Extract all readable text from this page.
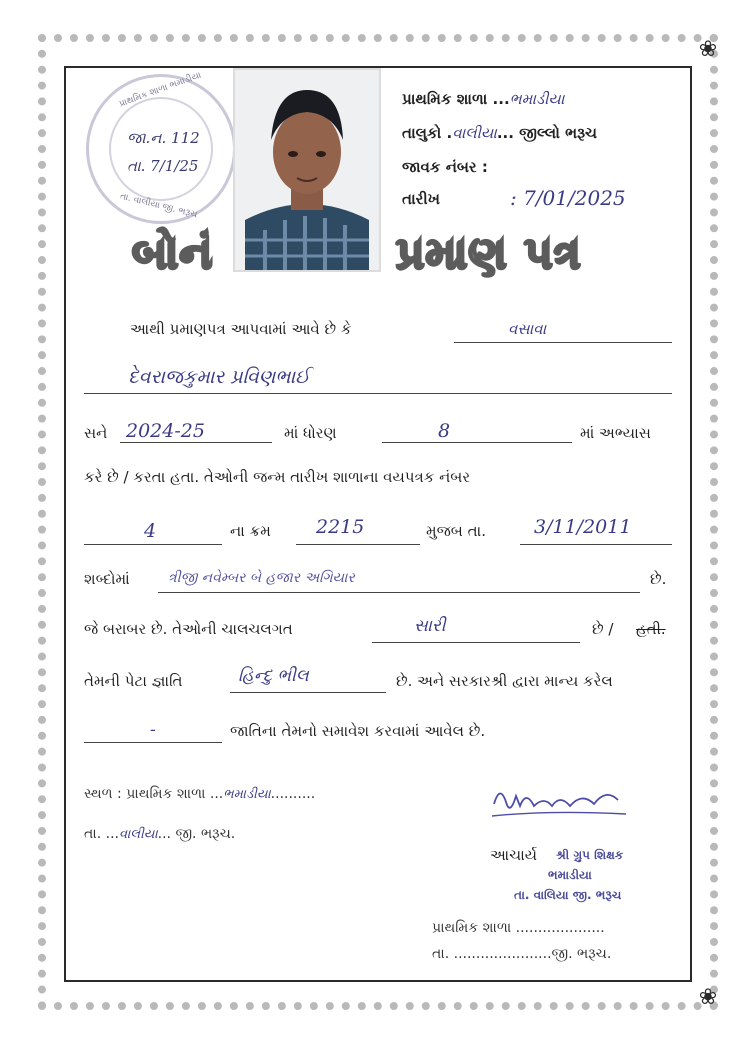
❀
❀
પ્રાથમિક શાળા ભમાડીયા
જા.ન. 112
તા. 7/1/25
તા. વાલીયા જી. ભરૂચ
પ્રાથમિક શાળા ...ભમાડીયા
તાલુકો .વાલીયા... જીલ્લો ભરૂચ
જાવક નંબર :
તારીખ	: 7/01/2025
બોનં	પ્રમાણ પત્ર
આથી પ્રમાણપત્ર આપવામાં આવે છે કે	વસાવા
દેવરાજકુમાર પ્રવિણભાઈ
સને 2024-25	માં ધોરણ	8	માં અભ્યાસ
કરે છે / કરતા હતા. તેઓની જન્મ તારીખ શાળાના વયપત્રક નંબર
4	ના ક્રમ 2215	મુજબ તા.	3/11/2011
શબ્દોમાં	ત્રીજી નવેમ્બર બે હજાર અગિયાર	છે.
જે બરાબર છે. તેઓની ચાલચલગત	સારી	છે / હતી.
તેમની પેટા જ્ઞાતિ	હિન્દુ ભીલ	છે. અને સરકારશ્રી દ્વારા માન્ય કરેલ
-	જાતિના તેમનો સમાવેશ કરવામાં આવેલ છે.
સ્થળ : પ્રાથમિક શાળા ...ભમાડીયા..........
તા. ...વાલીયા... જી. ભરૂચ.
આચાર્ય શ્રી ગ્રુપ શિક્ષક
ભમાડીયા
તા. વાલિયા જી. ભરૂચ
પ્રાથમિક શાળા ....................
તા. ......................જી. ભરૂચ.
